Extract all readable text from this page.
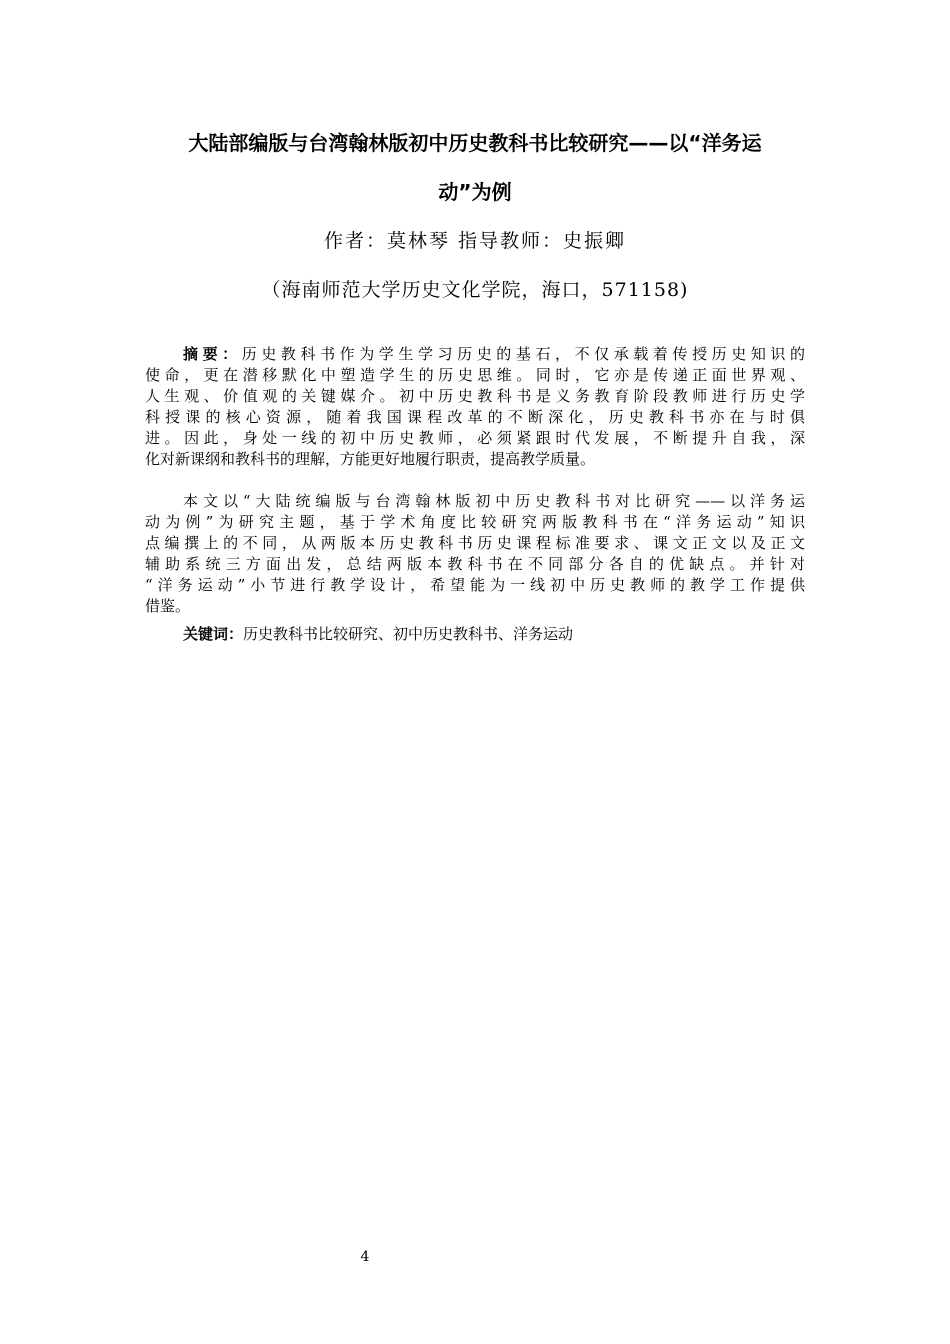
大陆部编版与台湾翰林版初中历史教科书比较研究——以“洋务运
动”为例
作者：莫林琴 指导教师：史振卿
（海南师范大学历史文化学院，海口，571158)
摘要：历史教科书作为学生学习历史的基石，不仅承载着传授历史知识的
使命，更在潜移默化中塑造学生的历史思维。同时，它亦是传递正面世界观、
人生观、价值观的关键媒介。初中历史教科书是义务教育阶段教师进行历史学
科授课的核心资源，随着我国课程改革的不断深化，历史教科书亦在与时俱
进。因此，身处一线的初中历史教师，必须紧跟时代发展，不断提升自我，深
化对新课纲和教科书的理解，方能更好地履行职责，提高教学质量。
本文以“大陆统编版与台湾翰林版初中历史教科书对比研究——以洋务运
动为例”为研究主题，基于学术角度比较研究两版教科书在“洋务运动”知识
点编撰上的不同，从两版本历史教科书历史课程标准要求、课文正文以及正文
辅助系统三方面出发，总结两版本教科书在不同部分各自的优缺点。并针对
“洋务运动”小节进行教学设计，希望能为一线初中历史教师的教学工作提供
借鉴。
关键词：历史教科书比较研究、初中历史教科书、洋务运动
4
